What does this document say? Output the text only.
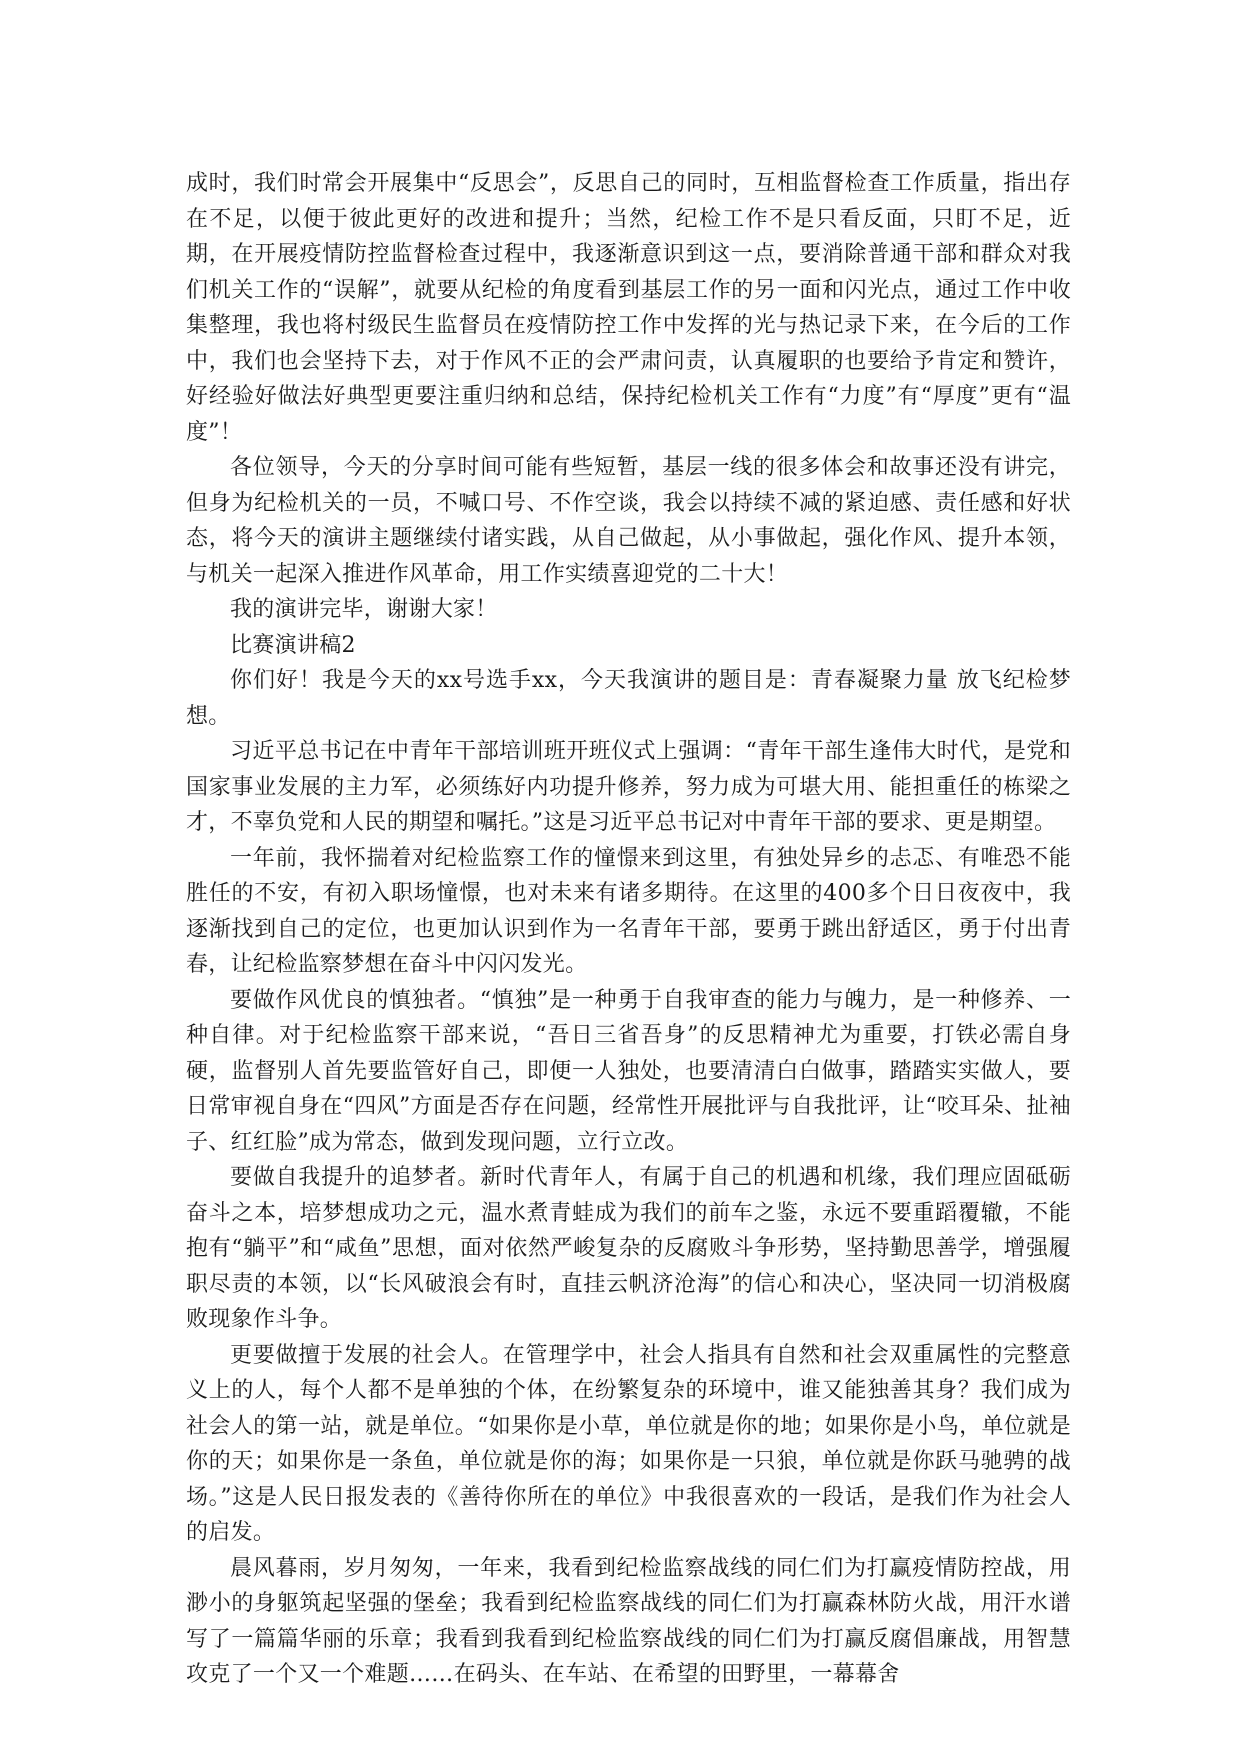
成时，我们时常会开展集中“反思会”，反思自己的同时，互相监督检查工作质量，指出存在不足，以便于彼此更好的改进和提升；当然，纪检工作不是只看反面，只盯不足，近期，在开展疫情防控监督检查过程中，我逐渐意识到这一点，要消除普通干部和群众对我们机关工作的“误解”，就要从纪检的角度看到基层工作的另一面和闪光点，通过工作中收集整理，我也将村级民生监督员在疫情防控工作中发挥的光与热记录下来，在今后的工作中，我们也会坚持下去，对于作风不正的会严肃问责，认真履职的也要给予肯定和赞许，好经验好做法好典型更要注重归纳和总结，保持纪检机关工作有“力度”有“厚度”更有“温度”！

各位领导，今天的分享时间可能有些短暂，基层一线的很多体会和故事还没有讲完，但身为纪检机关的一员，不喊口号、不作空谈，我会以持续不减的紧迫感、责任感和好状态，将今天的演讲主题继续付诸实践，从自己做起，从小事做起，强化作风、提升本领，与机关一起深入推进作风革命，用工作实绩喜迎党的二十大！

我的演讲完毕，谢谢大家！

比赛演讲稿2

你们好！我是今天的xx号选手xx，今天我演讲的题目是：青春凝聚力量 放飞纪检梦想。

习近平总书记在中青年干部培训班开班仪式上强调：“青年干部生逢伟大时代，是党和国家事业发展的主力军，必须练好内功提升修养，努力成为可堪大用、能担重任的栋梁之才，不辜负党和人民的期望和嘱托。”这是习近平总书记对中青年干部的要求、更是期望。

一年前，我怀揣着对纪检监察工作的憧憬来到这里，有独处异乡的忐忑、有唯恐不能胜任的不安，有初入职场憧憬，也对未来有诸多期待。在这里的400多个日日夜夜中，我逐渐找到自己的定位，也更加认识到作为一名青年干部，要勇于跳出舒适区，勇于付出青春，让纪检监察梦想在奋斗中闪闪发光。

要做作风优良的慎独者。“慎独”是一种勇于自我审查的能力与魄力，是一种修养、一种自律。对于纪检监察干部来说，“吾日三省吾身”的反思精神尤为重要，打铁必需自身硬，监督别人首先要监管好自己，即便一人独处，也要清清白白做事，踏踏实实做人，要日常审视自身在“四风”方面是否存在问题，经常性开展批评与自我批评，让“咬耳朵、扯袖子、红红脸”成为常态，做到发现问题，立行立改。

要做自我提升的追梦者。新时代青年人，有属于自己的机遇和机缘，我们理应固砥砺奋斗之本，培梦想成功之元，温水煮青蛙成为我们的前车之鉴，永远不要重蹈覆辙，不能抱有“躺平”和“咸鱼”思想，面对依然严峻复杂的反腐败斗争形势，坚持勤思善学，增强履职尽责的本领，以“长风破浪会有时，直挂云帆济沧海”的信心和决心，坚决同一切消极腐败现象作斗争。

更要做擅于发展的社会人。在管理学中，社会人指具有自然和社会双重属性的完整意义上的人，每个人都不是单独的个体，在纷繁复杂的环境中，谁又能独善其身？我们成为社会人的第一站，就是单位。“如果你是小草，单位就是你的地；如果你是小鸟，单位就是你的天；如果你是一条鱼，单位就是你的海；如果你是一只狼，单位就是你跃马驰骋的战场。”这是人民日报发表的《善待你所在的单位》中我很喜欢的一段话，是我们作为社会人的启发。

晨风暮雨，岁月匆匆，一年来，我看到纪检监察战线的同仁们为打赢疫情防控战，用渺小的身躯筑起坚强的堡垒；我看到纪检监察战线的同仁们为打赢森林防火战，用汗水谱写了一篇篇华丽的乐章；我看到我看到纪检监察战线的同仁们为打赢反腐倡廉战，用智慧攻克了一个又一个难题……在码头、在车站、在希望的田野里，一幕幕舍
